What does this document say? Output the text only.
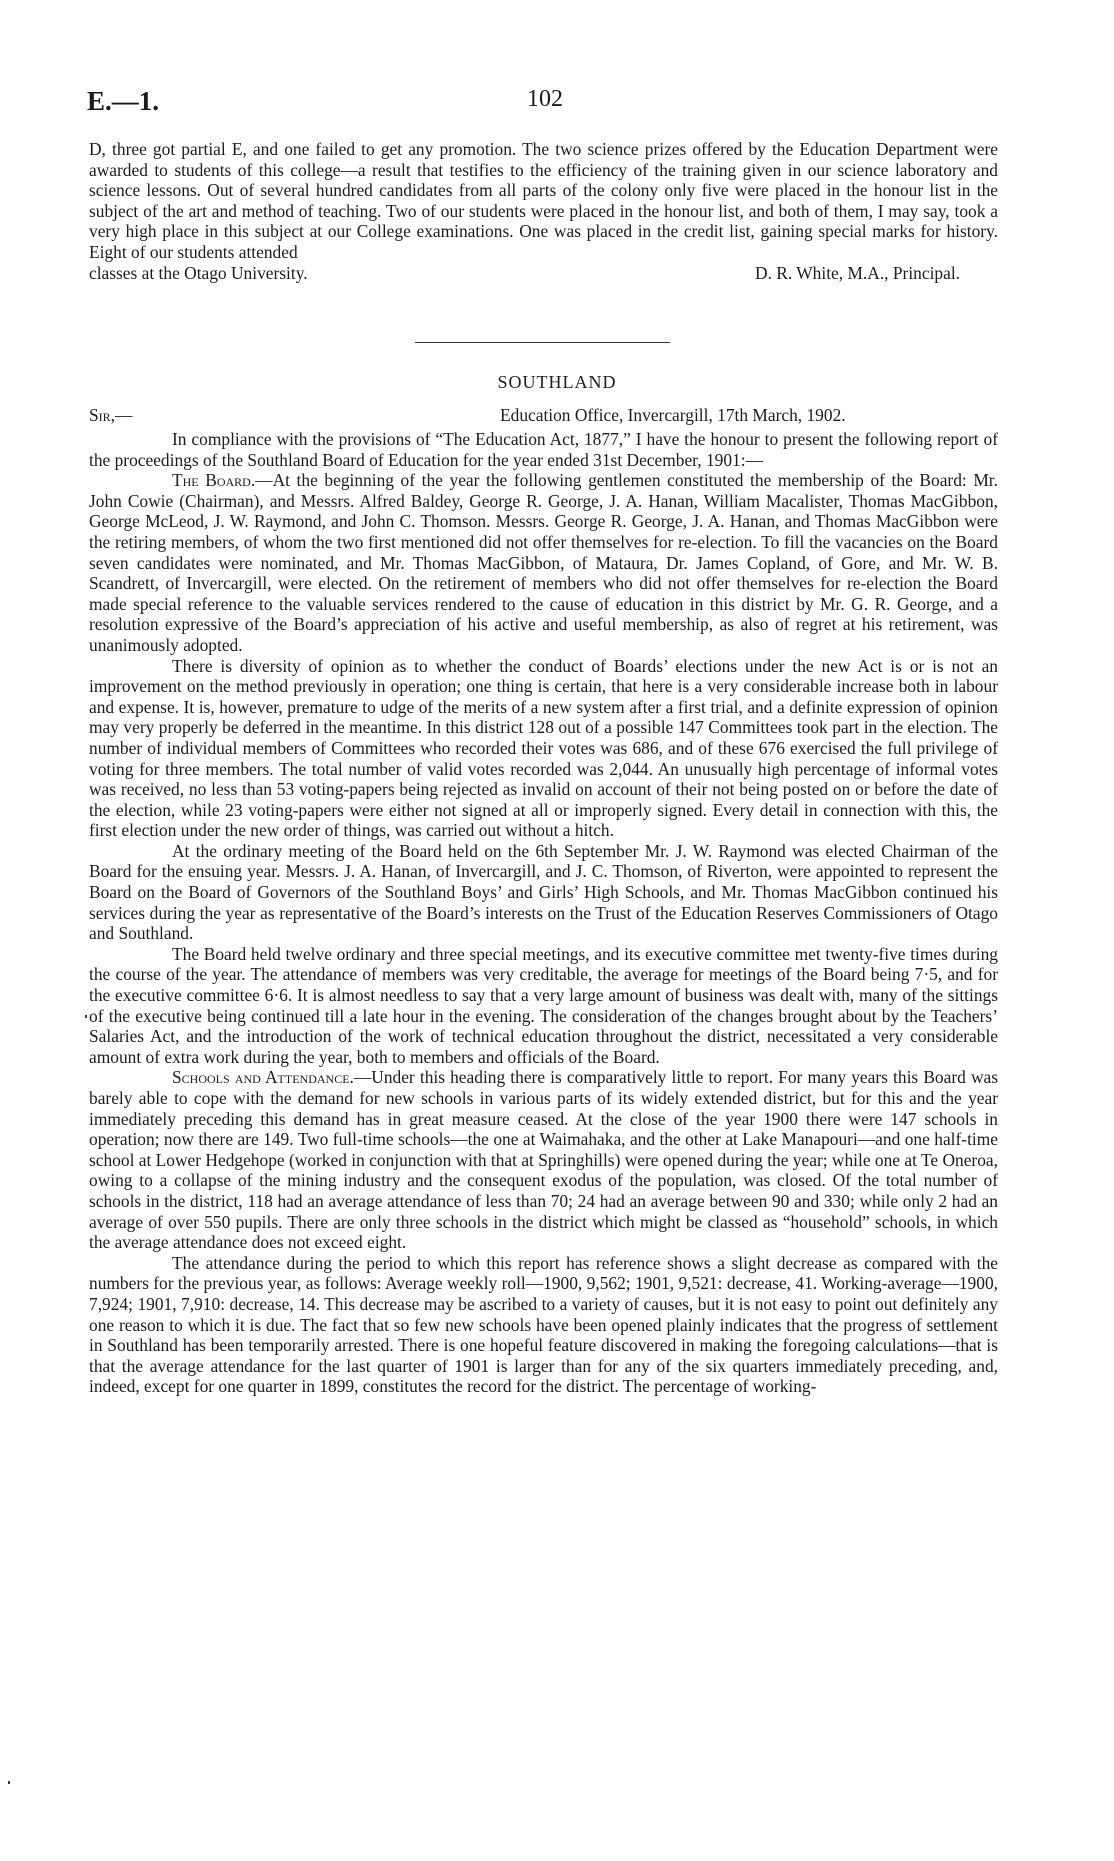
E.—1.	102

D, three got partial E, and one failed to get any promotion. The two science prizes offered by the Education Department were awarded to students of this college—a result that testifies to the efficiency of the training given in our science laboratory and science lessons. Out of several hundred candidates from all parts of the colony only five were placed in the honour list in the subject of the art and method of teaching. Two of our students were placed in the honour list, and both of them, I may say, took a very high place in this subject at our College examinations. One was placed in the credit list, gaining special marks for history. Eight of our students attended

classes at the Otago University.	D. R. White, M.A., Principal.

SOUTHLAND
Sir,—	Education Office, Invercargill, 17th March, 1902.

In compliance with the provisions of “The Education Act, 1877,” I have the honour to present the following report of the proceedings of the Southland Board of Education for the year ended 31st December, 1901:—

The Board.—At the beginning of the year the following gentlemen constituted the membership of the Board: Mr. John Cowie (Chairman), and Messrs. Alfred Baldey, George R. George, J. A. Hanan, William Macalister, Thomas MacGibbon, George McLeod, J. W. Raymond, and John C. Thomson. Messrs. George R. George, J. A. Hanan, and Thomas MacGibbon were the retiring members, of whom the two first mentioned did not offer themselves for re-election. To fill the vacancies on the Board seven candidates were nominated, and Mr. Thomas MacGibbon, of Mataura, Dr. James Copland, of Gore, and Mr. W. B. Scandrett, of Invercargill, were elected. On the retirement of members who did not offer themselves for re-election the Board made special reference to the valuable services rendered to the cause of education in this district by Mr. G. R. George, and a resolution expressive of the Board’s appreciation of his active and useful membership, as also of regret at his retirement, was unanimously adopted.

There is diversity of opinion as to whether the conduct of Boards’ elections under the new Act is or is not an improvement on the method previously in operation; one thing is certain, that here is a very considerable increase both in labour and expense. It is, however, premature to udge of the merits of a new system after a first trial, and a definite expression of opinion may very properly be deferred in the meantime. In this district 128 out of a possible 147 Committees took part in the election. The number of individual members of Committees who recorded their votes was 686, and of these 676 exercised the full privilege of voting for three members. The total number of valid votes recorded was 2,044. An unusually high percentage of informal votes was received, no less than 53 voting-papers being rejected as invalid on account of their not being posted on or before the date of the election, while 23 voting-papers were either not signed at all or improperly signed. Every detail in connection with this, the first election under the new order of things, was carried out without a hitch.

At the ordinary meeting of the Board held on the 6th September Mr. J. W. Raymond was elected Chairman of the Board for the ensuing year. Messrs. J. A. Hanan, of Invercargill, and J. C. Thomson, of Riverton, were appointed to represent the Board on the Board of Governors of the Southland Boys’ and Girls’ High Schools, and Mr. Thomas MacGibbon continued his services during the year as representative of the Board’s interests on the Trust of the Education Reserves Commissioners of Otago and Southland.

The Board held twelve ordinary and three special meetings, and its executive committee met twenty-five times during the course of the year. The attendance of members was very creditable, the average for meetings of the Board being 7·5, and for the executive committee 6·6. It is almost needless to say that a very large amount of business was dealt with, many of the sittings of the executive being continued till a late hour in the evening. The consideration of the changes brought about by the Teachers’ Salaries Act, and the introduction of the work of technical education throughout the district, necessitated a very considerable amount of extra work during the year, both to members and officials of the Board.

Schools and Attendance.—Under this heading there is comparatively little to report. For many years this Board was barely able to cope with the demand for new schools in various parts of its widely extended district, but for this and the year immediately preceding this demand has in great measure ceased. At the close of the year 1900 there were 147 schools in operation; now there are 149. Two full-time schools—the one at Waimahaka, and the other at Lake Manapouri—and one half-time school at Lower Hedgehope (worked in conjunction with that at Springhills) were opened during the year; while one at Te Oneroa, owing to a collapse of the mining industry and the consequent exodus of the population, was closed. Of the total number of schools in the district, 118 had an average attendance of less than 70; 24 had an average between 90 and 330; while only 2 had an average of over 550 pupils. There are only three schools in the district which might be classed as “household” schools, in which the average attendance does not exceed eight.

The attendance during the period to which this report has reference shows a slight decrease as compared with the numbers for the previous year, as follows: Average weekly roll—1900, 9,562; 1901, 9,521: decrease, 41. Working-average—1900, 7,924; 1901, 7,910: decrease, 14. This decrease may be ascribed to a variety of causes, but it is not easy to point out definitely any one reason to which it is due. The fact that so few new schools have been opened plainly indicates that the progress of settlement in Southland has been temporarily arrested. There is one hopeful feature discovered in making the foregoing calculations—that is that the average attendance for the last quarter of 1901 is larger than for any of the six quarters immediately preceding, and, indeed, except for one quarter in 1899, constitutes the record for the district. The percentage of working-
